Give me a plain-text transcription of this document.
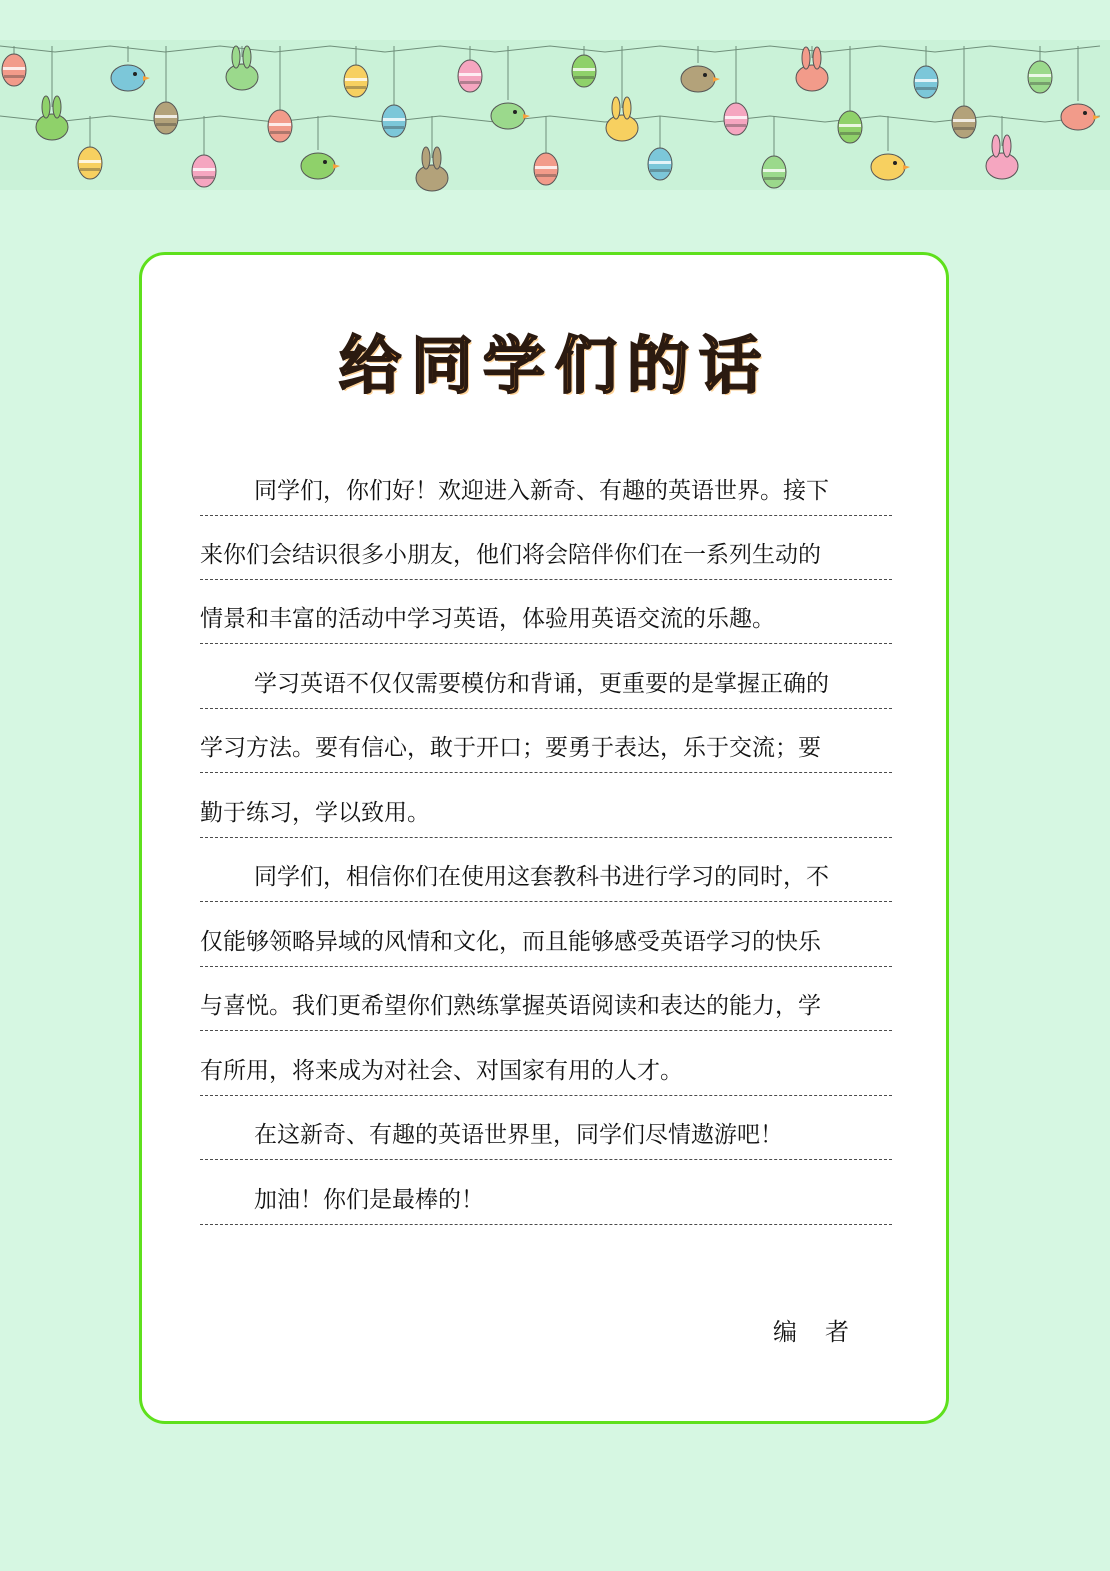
给同学们的话
同学们，你们好！欢迎进入新奇、有趣的英语世界。接下
来你们会结识很多小朋友，他们将会陪伴你们在一系列生动的
情景和丰富的活动中学习英语，体验用英语交流的乐趣。
学习英语不仅仅需要模仿和背诵，更重要的是掌握正确的
学习方法。要有信心，敢于开口；要勇于表达，乐于交流；要
勤于练习，学以致用。
同学们，相信你们在使用这套教科书进行学习的同时，不
仅能够领略异域的风情和文化，而且能够感受英语学习的快乐
与喜悦。我们更希望你们熟练掌握英语阅读和表达的能力，学
有所用，将来成为对社会、对国家有用的人才。
在这新奇、有趣的英语世界里，同学们尽情遨游吧！
加油！你们是最棒的！
编 者
